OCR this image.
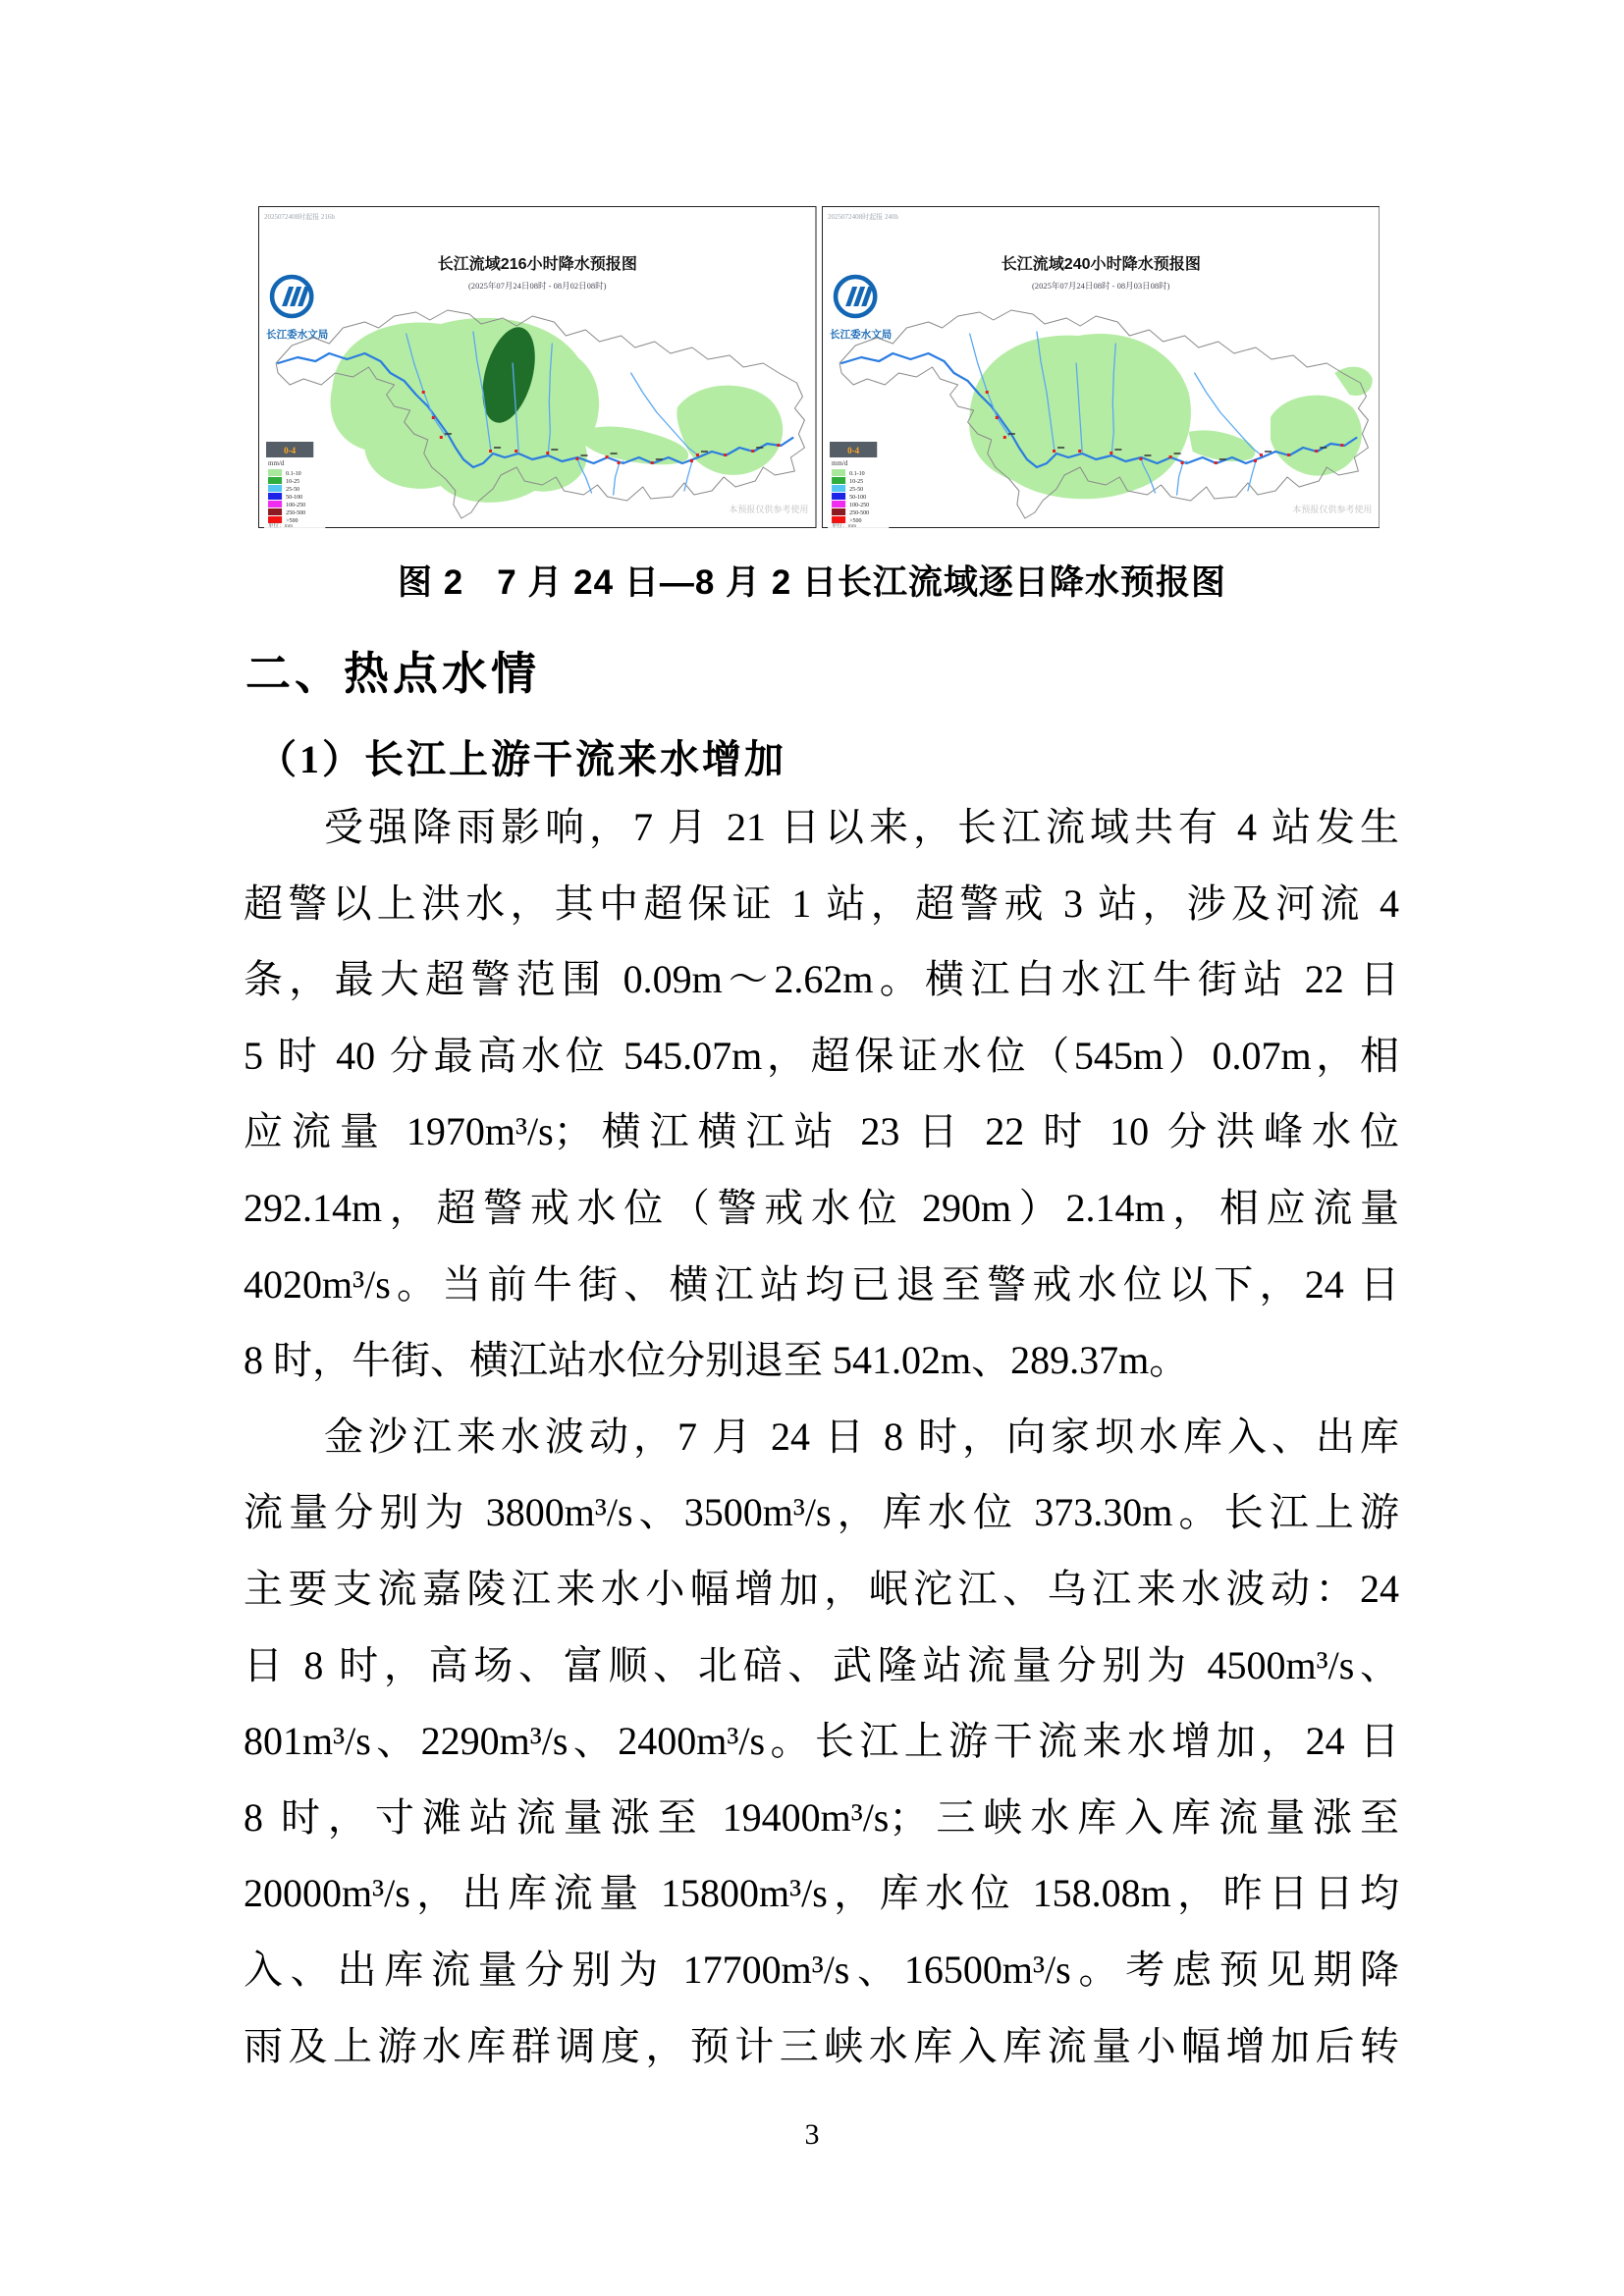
2025072408时起报 216h
长江流域216小时降水预报图
(2025年07月24日08时 - 08月02日08时)
长江委水文局
0-4
mm/d
0.1-10
10-25
25-50
50-100
100-250
250-500
>500
单位：mm
本预报仅供参考使用
2025072408时起报 240h
长江流域240小时降水预报图
(2025年07月24日08时 - 08月03日08时)
长江委水文局
0-4
mm/d
0.1-10
10-25
25-50
50-100
100-250
250-500
>500
单位：mm
本预报仅供参考使用
图 2 7 月 24 日—8 月 2 日长江流域逐日降水预报图
二、热点水情
（1）长江上游干流来水增加
受强降雨影响，7 月 21 日以来，长江流域共有 4 站发生
超警以上洪水，其中超保证 1 站，超警戒 3 站，涉及河流 4
条，最大超警范围 0.09m～2.62m。横江白水江牛街站 22 日
5 时 40 分最高水位 545.07m，超保证水位（545m）0.07m，相
应流量 1970m³/s；横江横江站 23 日 22 时 10 分洪峰水位
292.14m，超警戒水位（警戒水位 290m）2.14m，相应流量
4020m³/s。当前牛街、横江站均已退至警戒水位以下，24 日
8 时，牛街、横江站水位分别退至 541.02m、289.37m。
金沙江来水波动，7 月 24 日 8 时，向家坝水库入、出库
流量分别为 3800m³/s、3500m³/s，库水位 373.30m。长江上游
主要支流嘉陵江来水小幅增加，岷沱江、乌江来水波动：24
日 8 时，高场、富顺、北碚、武隆站流量分别为 4500m³/s、
801m³/s、2290m³/s、2400m³/s。长江上游干流来水增加，24 日
8 时，寸滩站流量涨至 19400m³/s；三峡水库入库流量涨至
20000m³/s，出库流量 15800m³/s，库水位 158.08m，昨日日均
入、出库流量分别为 17700m³/s、16500m³/s。考虑预见期降
雨及上游水库群调度，预计三峡水库入库流量小幅增加后转
3
